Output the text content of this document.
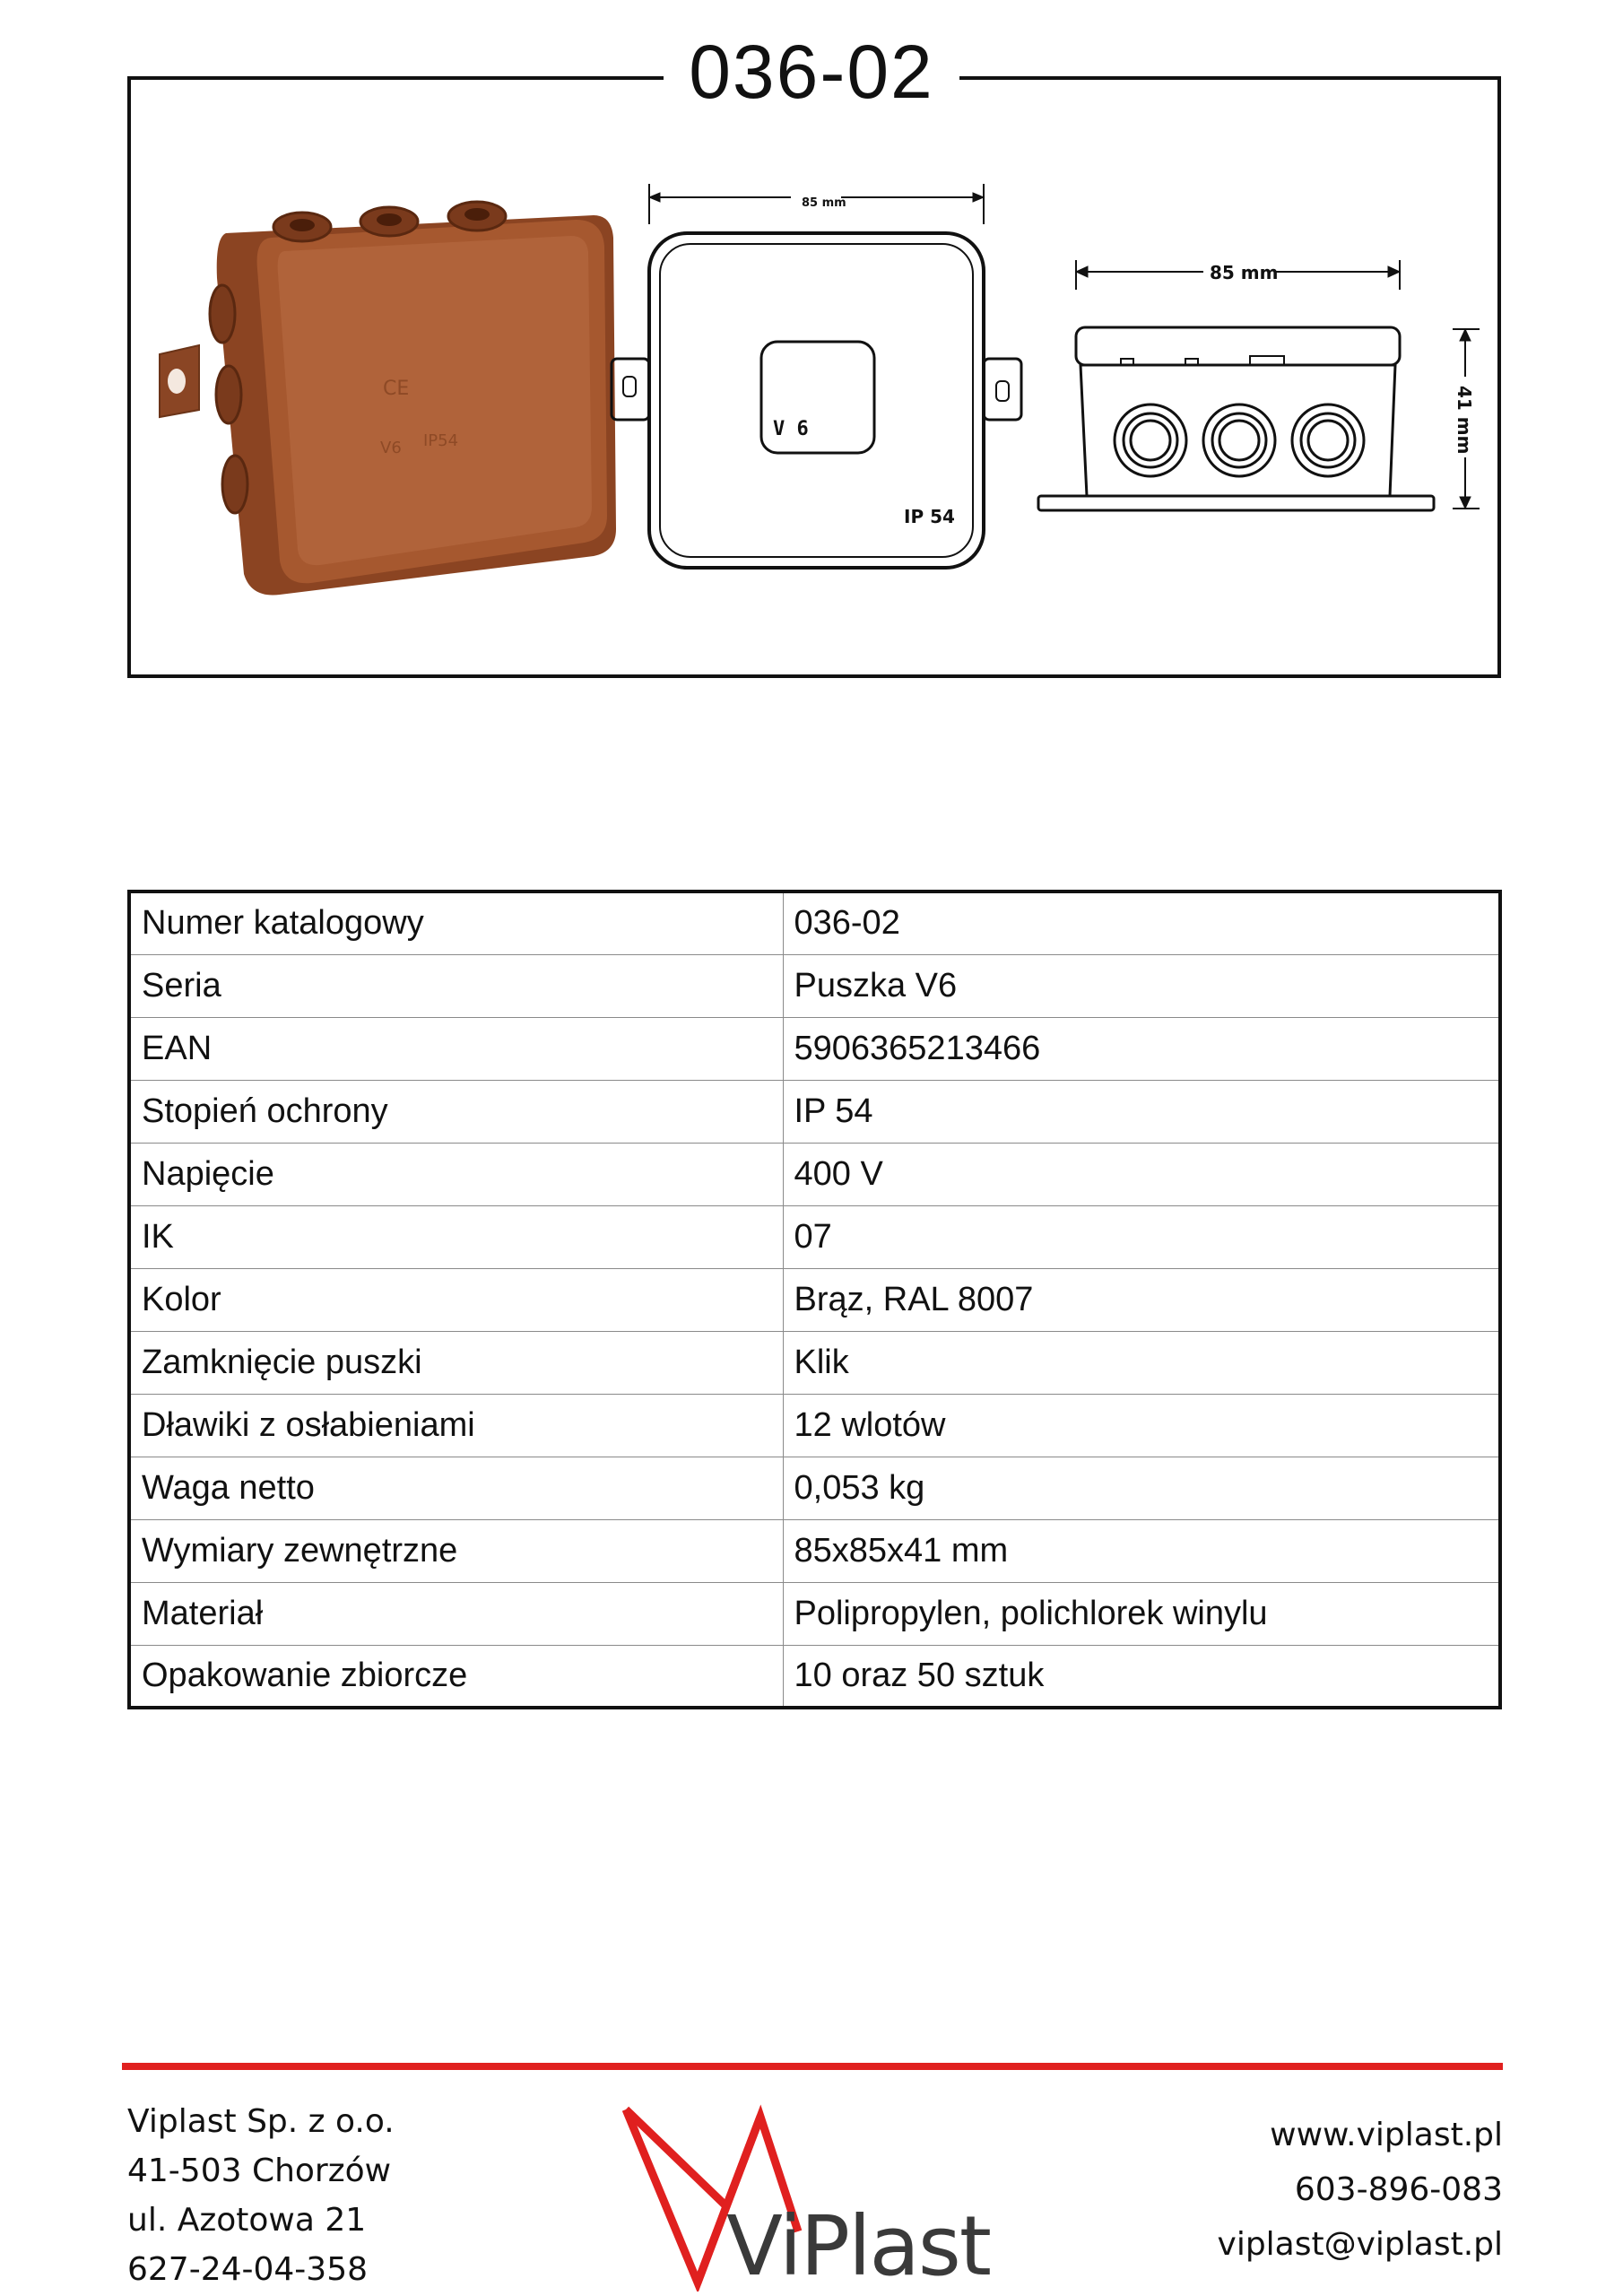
036-02
CE
V6 IP54
85 mm
V 6
IP 54
85 mm
41 mm
Numer katalogowy	036-02
Seria	Puszka V6
EAN	5906365213466
Stopień ochrony	IP 54
Napięcie	400 V
IK	07
Kolor	Brąz, RAL 8007
Zamknięcie puszki	Klik
Dławiki z osłabieniami	12 wlotów
Waga netto	0,053 kg
Wymiary zewnętrzne	85x85x41 mm
Materiał	Polipropylen, polichlorek winylu
Opakowanie zbiorcze	10 oraz 50 sztuk
Viplast Sp. z o.o.
41-503 Chorzów
ul. Azotowa 21
627-24-04-358	ViPlast
www.viplast.pl
603-896-083
viplast@viplast.pl
